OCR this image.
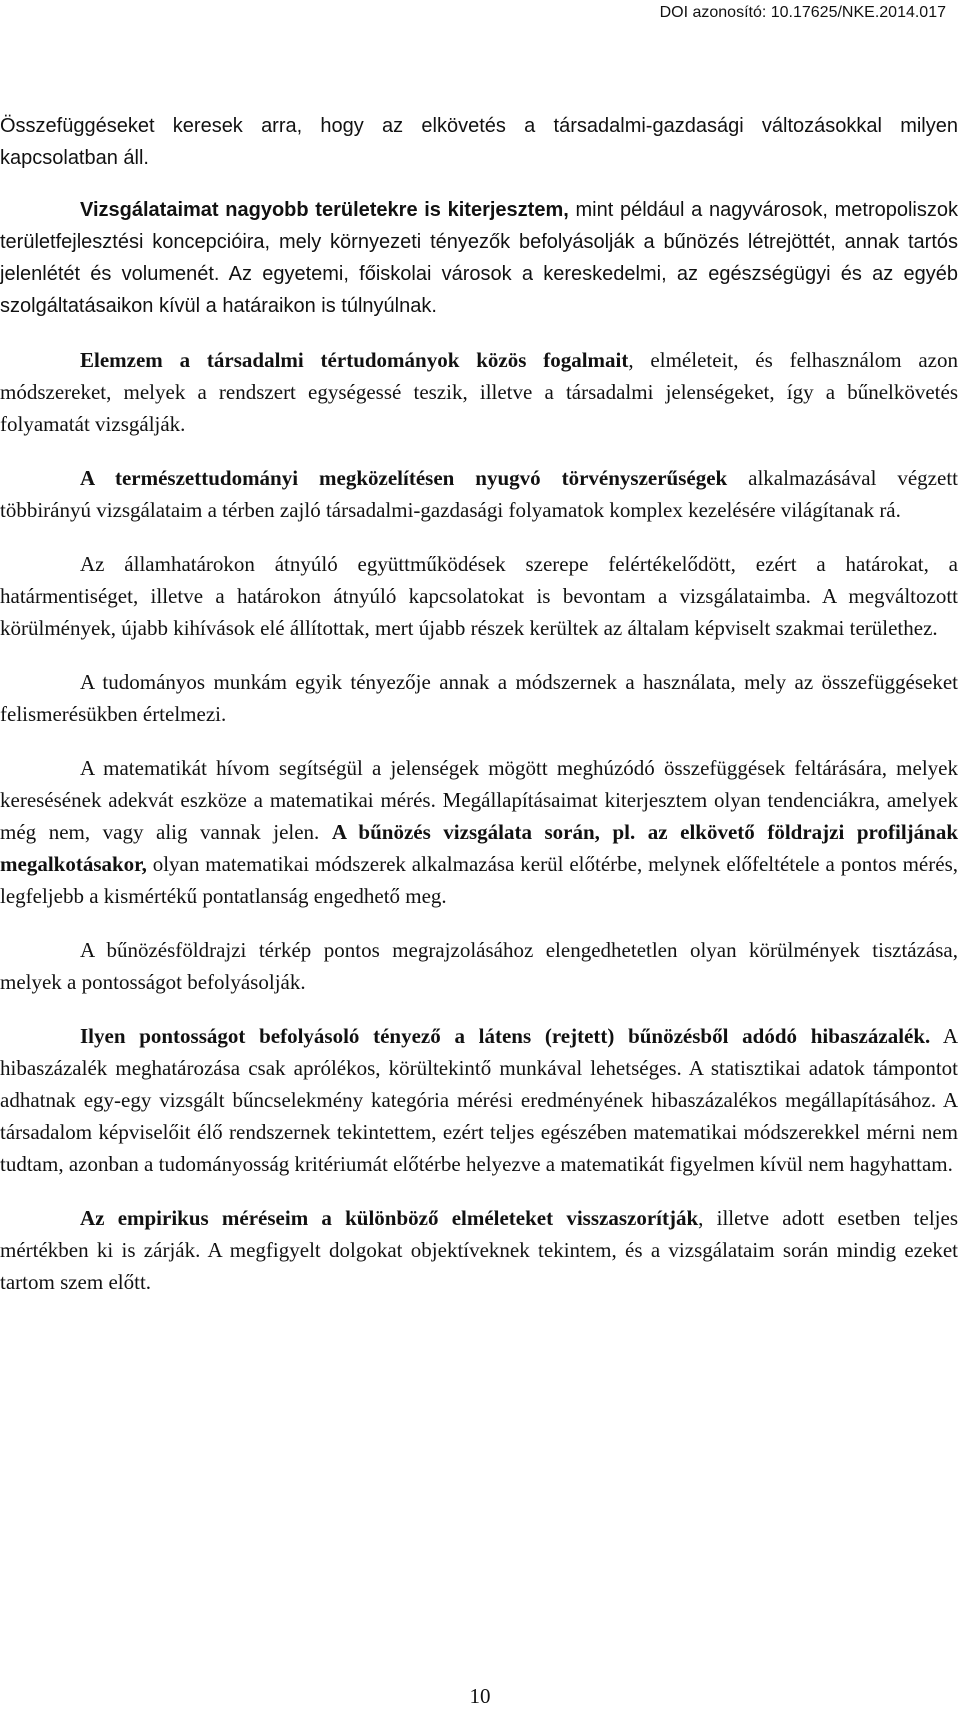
DOI azonosító: 10.17625/NKE.2014.017

Összefüggéseket keresek arra, hogy az elkövetés a társadalmi-gazdasági változásokkal milyen kapcsolatban áll.

Vizsgálataimat nagyobb területekre is kiterjesztem, mint például a nagyvárosok, metropoliszok területfejlesztési koncepcióira, mely környezeti tényezők befolyásolják a bűnözés létrejöttét, annak tartós jelenlétét és volumenét. Az egyetemi, főiskolai városok a kereskedelmi, az egészségügyi és az egyéb szolgáltatásaikon kívül a határaikon is túlnyúlnak.

Elemzem a társadalmi tértudományok közös fogalmait, elméleteit, és felhasználom azon módszereket, melyek a rendszert egységessé teszik, illetve a társadalmi jelenségeket, így a bűnelkövetés folyamatát vizsgálják.

A természettudományi megközelítésen nyugvó törvényszerűségek alkalmazásával végzett többirányú vizsgálataim a térben zajló társadalmi-gazdasági folyamatok komplex kezelésére világítanak rá.

Az államhatárokon átnyúló együttműködések szerepe felértékelődött, ezért a határokat, a határmentiséget, illetve a határokon átnyúló kapcsolatokat is bevontam a vizsgálataimba. A megváltozott körülmények, újabb kihívások elé állítottak, mert újabb részek kerültek az általam képviselt szakmai területhez.

A tudományos munkám egyik tényezője annak a módszernek a használata, mely az összefüggéseket felismerésükben értelmezi.

A matematikát hívom segítségül a jelenségek mögött meghúzódó összefüggések feltárására, melyek keresésének adekvát eszköze a matematikai mérés. Megállapításaimat kiterjesztem olyan tendenciákra, amelyek még nem, vagy alig vannak jelen. A bűnözés vizsgálata során, pl. az elkövető földrajzi profiljának megalkotásakor, olyan matematikai módszerek alkalmazása kerül előtérbe, melynek előfeltétele a pontos mérés, legfeljebb a kismértékű pontatlanság engedhető meg.

A bűnözésföldrajzi térkép pontos megrajzolásához elengedhetetlen olyan körülmények tisztázása, melyek a pontosságot befolyásolják.

Ilyen pontosságot befolyásoló tényező a látens (rejtett) bűnözésből adódó hibaszázalék. A hibaszázalék meghatározása csak aprólékos, körültekintő munkával lehetséges. A statisztikai adatok támpontot adhatnak egy-egy vizsgált bűncselekmény kategória mérési eredményének hibaszázalékos megállapításához. A társadalom képviselőit élő rendszernek tekintettem, ezért teljes egészében matematikai módszerekkel mérni nem tudtam, azonban a tudományosság kritériumát előtérbe helyezve a matematikát figyelmen kívül nem hagyhattam.

Az empirikus méréseim a különböző elméleteket visszaszorítják, illetve adott esetben teljes mértékben ki is zárják. A megfigyelt dolgokat objektíveknek tekintem, és a vizsgálataim során mindig ezeket tartom szem előtt.

10
